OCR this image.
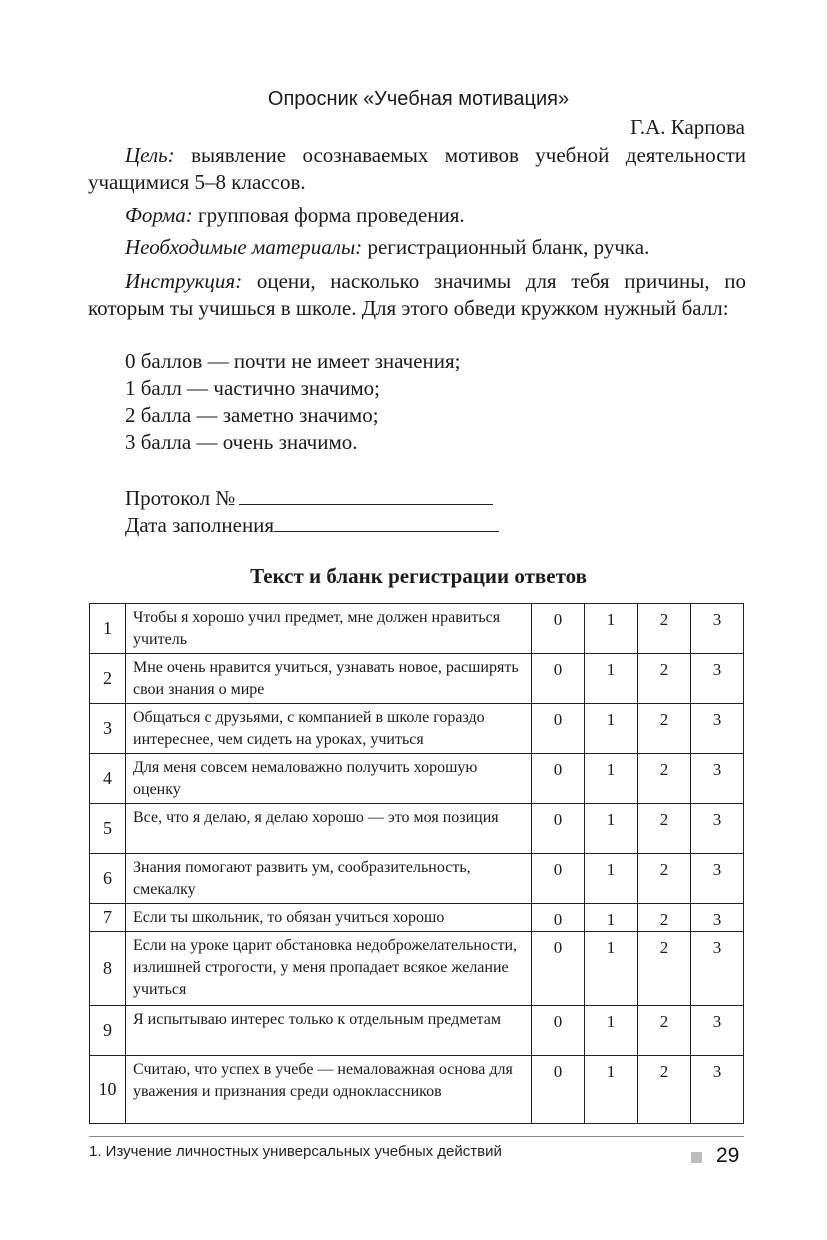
Опросник «Учебная мотивация»
Г.А. Карпова
Цель: выявление осознаваемых мотивов учебной деятельности учащимися 5–8 классов.
Форма: групповая форма проведения.
Необходимые материалы: регистрационный бланк, ручка.
Инструкция: оцени, насколько значимы для тебя причины, по которым ты учишься в школе. Для этого обведи кружком нужный балл:
0 баллов — почти не имеет значения;
1 балл — частично значимо;
2 балла — заметно значимо;
3 балла — очень значимо.
Протокол №
Дата заполнения
Текст и бланк регистрации ответов
1	Чтобы я хорошо учил предмет, мне должен нравиться учитель	0	1	2	3
2	Мне очень нравится учиться, узнавать новое, расширять свои знания о мире	0	1	2	3
3	Общаться с друзьями, с компанией в школе гораздо интереснее, чем сидеть на уроках, учиться	0	1	2	3
4	Для меня совсем немаловажно получить хорошую оценку	0	1	2	3
5	Все, что я делаю, я делаю хорошо — это моя позиция	0	1	2	3
6	Знания помогают развить ум, сообразительность, смекалку	0	1	2	3
7	Если ты школьник, то обязан учиться хорошо	0	1	2	3
8	Если на уроке царит обстановка недоброжелательности, излишней строгости, у меня пропадает всякое желание учиться	0	1	2	3
9	Я испытываю интерес только к отдельным предметам	0	1	2	3
10	Считаю, что успех в учебе — немаловажная основа для уважения и признания среди одноклассников	0	1	2	3
1. Изучение личностных универсальных учебных действий	29
